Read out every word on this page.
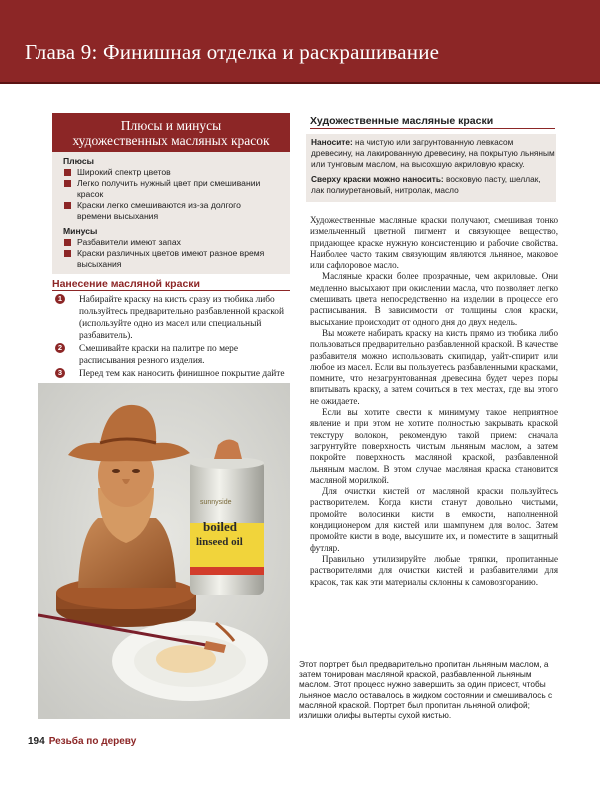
Глава 9: Финишная отделка и раскрашивание
Плюсы и минусы
художественных масляных красок
Плюсы
Широкий спектр цветов
Легко получить нужный цвет при смешивании
красок
Краски легко смешиваются из-за долгого
времени высыхания
Минусы
Разбавители имеют запах
Краски различных цветов имеют разное время
высыхания
Нанесение масляной краски
1	Набирайте краску на кисть сразу из тюбика либо пользуйтесь предварительно разбавленной краской (используйте одно из масел или специальный разбавитель).
2	Смешивайте краски на палитре по мере расписывания резного изделия.
3	Перед тем как наносить финишное покрытие дайте
sunnyside
boiled
linseed oil
Художественные масляные краски

Наносите: на чистую или загрунтованную левкасом древесину, на лакированную древесину, на покрытую льняным или тунговым маслом, на высохшую акриловую краску.

Сверху краски можно наносить: восковую пасту, шеллак, лак полиуретановый, нитролак, масло

Художественные масляные краски получают, смешивая тонко измельченный цветной пигмент и связующее вещество, придающее краске нужную консистенцию и рабочие свойства. Наиболее часто таким связующим являются льняное, маковое или сафлоровое масло.

Масляные краски более прозрачные, чем акриловые. Они медленно высыхают при окислении масла, что позволяет легко смешивать цвета непосредственно на изделии в процессе его расписывания. В зависимости от толщины слоя краски, высыхание происходит от одного дня до двух недель.

Вы можете набирать краску на кисть прямо из тюбика либо пользоваться предварительно разбавленной краской. В качестве разбавителя можно использовать скипидар, уайт-спирит или любое из масел. Если вы пользуетесь разбавленными красками, помните, что незагрунтованная древесина будет через поры впитывать краску, а затем сочиться в тех местах, где вы этого не ожидаете.

Если вы хотите свести к минимуму такое неприятное явление и при этом не хотите полностью закрывать краской текстуру волокон, рекомендую такой прием: сначала загрунтуйте поверхность чистым льняным маслом, а затем покройте поверхность масляной краской, разбавленной льняным маслом. В этом случае масляная краска становится масляной морилкой.

Для очистки кистей от масляной краски пользуйтесь растворителем. Когда кисти станут довольно чистыми, промойте волосинки кисти в емкости, наполненной кондиционером для кистей или шампунем для волос. Затем промойте кисти в воде, высушите их, и поместите в защитный футляр.

Правильно утилизируйте любые тряпки, пропитанные растворителями для очистки кистей и разбавителями для красок, так как эти материалы склонны к самовозгоранию.

Этот портрет был предварительно пропитан льняным маслом, а затем тонирован масляной краской, разбавленной льняным маслом. Этот процесс нужно завершить за один присест, чтобы льняное масло оставалось в жидком состоянии и смешивалось с масляной краской. Портрет был пропитан льняной олифой; излишки олифы вытерты сухой кистью.
194 Резьба по дереву
